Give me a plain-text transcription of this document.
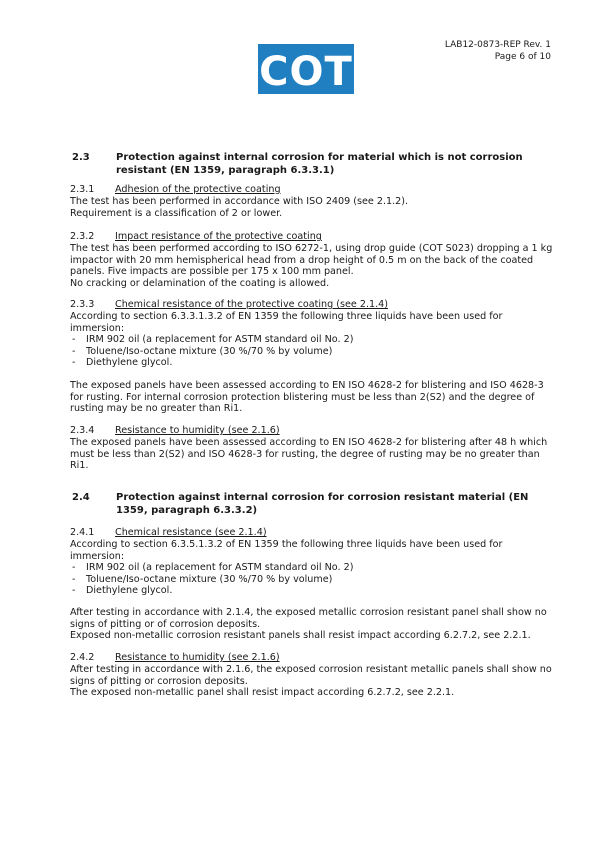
COT
LAB12-0873-REP Rev. 1
Page 6 of 10
2.3	Protection against internal corrosion for material which is not corrosion resistant (EN 1359, paragraph 6.3.3.1)
2.3.1 Adhesion of the protective coating

The test has been performed in accordance with ISO 2409 (see 2.1.2).

Requirement is a classification of 2 or lower.

2.3.2 Impact resistance of the protective coating

The test has been performed according to ISO 6272-1, using drop guide (COT S023) dropping a 1 kg impactor with 20 mm hemispherical head from a drop height of 0.5 m on the back of the coated panels. Five impacts are possible per 175 x 100 mm panel.

No cracking or delamination of the coating is allowed.

2.3.3 Chemical resistance of the protective coating (see 2.1.4)

According to section 6.3.3.1.3.2 of EN 1359 the following three liquids have been used for immersion:

- IRM 902 oil (a replacement for ASTM standard oil No. 2)
- Toluene/Iso-octane mixture (30 %/70 % by volume)
- Diethylene glycol.

The exposed panels have been assessed according to EN ISO 4628-2 for blistering and ISO 4628-3 for rusting. For internal corrosion protection blistering must be less than 2(S2) and the degree of rusting may be no greater than Ri1.

2.3.4 Resistance to humidity (see 2.1.6)

The exposed panels have been assessed according to EN ISO 4628-2 for blistering after 48 h which must be less than 2(S2) and ISO 4628-3 for rusting, the degree of rusting may be no greater than Ri1.

2.4	Protection against internal corrosion for corrosion resistant material (EN 1359, paragraph 6.3.3.2)
2.4.1 Chemical resistance (see 2.1.4)

According to section 6.3.5.1.3.2 of EN 1359 the following three liquids have been used for immersion:

- IRM 902 oil (a replacement for ASTM standard oil No. 2)
- Toluene/Iso-octane mixture (30 %/70 % by volume)
- Diethylene glycol.

After testing in accordance with 2.1.4, the exposed metallic corrosion resistant panel shall show no signs of pitting or of corrosion deposits.

Exposed non-metallic corrosion resistant panels shall resist impact according 6.2.7.2, see 2.2.1.

2.4.2 Resistance to humidity (see 2.1.6)

After testing in accordance with 2.1.6, the exposed corrosion resistant metallic panels shall show no signs of pitting or corrosion deposits.

The exposed non-metallic panel shall resist impact according 6.2.7.2, see 2.2.1.
